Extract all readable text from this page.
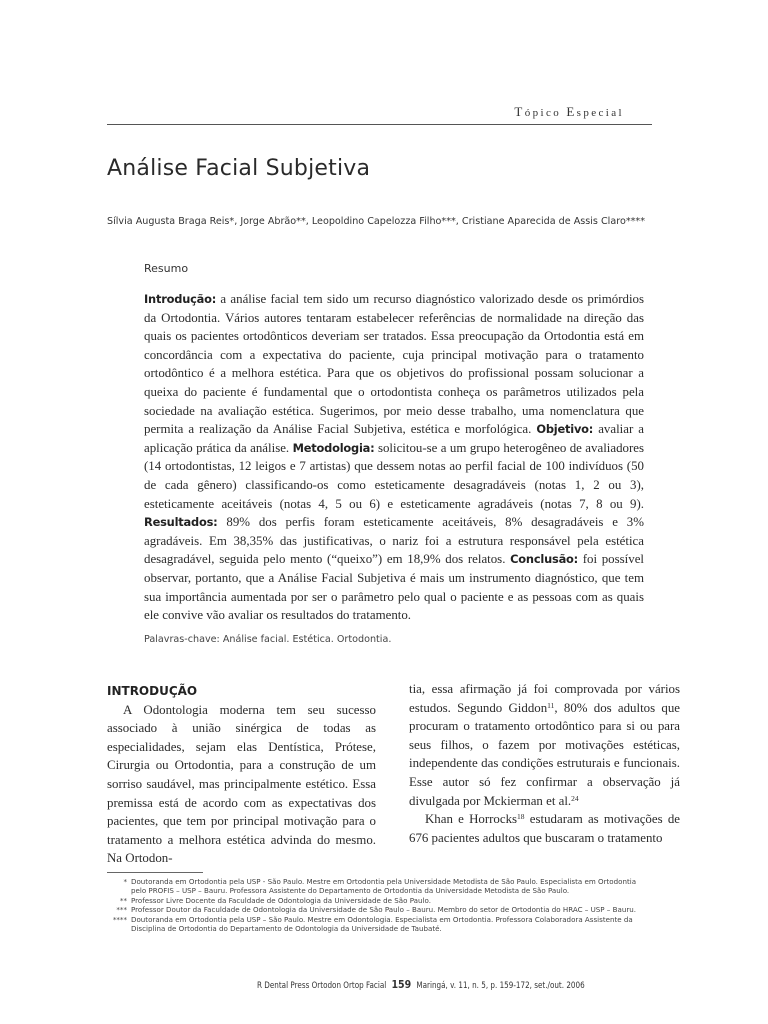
Tópico Especial
Análise Facial Subjetiva
Sílvia Augusta Braga Reis*, Jorge Abrão**, Leopoldino Capelozza Filho***, Cristiane Aparecida de Assis Claro****
Resumo

Introdução: a análise facial tem sido um recurso diagnóstico valorizado desde os primórdios da Ortodontia. Vários autores tentaram estabelecer referências de normalidade na direção das quais os pacientes ortodônticos deveriam ser tratados. Essa preocupação da Ortodontia está em concordância com a expectativa do paciente, cuja principal motivação para o tratamento ortodôntico é a melhora estética. Para que os objetivos do profissional possam solucionar a queixa do paciente é fundamental que o ortodontista conheça os parâmetros utilizados pela sociedade na avaliação estética. Sugerimos, por meio desse trabalho, uma nomenclatura que permita a realização da Análise Facial Subjetiva, estética e morfológica. Objetivo: avaliar a aplicação prática da análise. Metodologia: solicitou-se a um grupo heterogêneo de avaliadores (14 ortodontistas, 12 leigos e 7 artistas) que dessem notas ao perfil facial de 100 indivíduos (50 de cada gênero) classificando-os como esteticamente desagradáveis (notas 1, 2 ou 3), esteticamente aceitáveis (notas 4, 5 ou 6) e esteticamente agradáveis (notas 7, 8 ou 9). Resultados: 89% dos perfis foram esteticamente aceitáveis, 8% desagradáveis e 3% agradáveis. Em 38,35% das justificativas, o nariz foi a estrutura responsável pela estética desagradável, seguida pelo mento (“queixo”) em 18,9% dos relatos. Conclusão: foi possível observar, portanto, que a Análise Facial Subjetiva é mais um instrumento diagnóstico, que tem sua importância aumentada por ser o parâmetro pelo qual o paciente e as pessoas com as quais ele convive vão avaliar os resultados do tratamento.

Palavras-chave: Análise facial. Estética. Ortodontia.
INTRODUÇÃO
A Odontologia moderna tem seu sucesso associado à união sinérgica de todas as especialidades, sejam elas Dentística, Prótese, Cirurgia ou Ortodontia, para a construção de um sorriso saudável, mas principalmente estético. Essa premissa está de acordo com as expectativas dos pacientes, que tem por principal motivação para o tratamento a melhora estética advinda do mesmo. Na Ortodon-
tia, essa afirmação já foi comprovada por vários estudos. Segundo Giddon$^{11}$, 80% dos adultos que procuram o tratamento ortodôntico para si ou para seus filhos, o fazem por motivações estéticas, independente das condições estruturais e funcionais. Esse autor só fez confirmar a observação já divulgada por Mckierman et al.$^{24}$
Khan e Horrocks$^{18}$ estudaram as motivações de 676 pacientes adultos que buscaram o tratamento
* Doutoranda em Ortodontia pela USP - São Paulo. Mestre em Ortodontia pela Universidade Metodista de São Paulo. Especialista em Ortodontia pelo PROFIS – USP – Bauru. Professora Assistente do Departamento de Ortodontia da Universidade Metodista de São Paulo.
** Professor Livre Docente da Faculdade de Odontologia da Universidade de São Paulo.
*** Professor Doutor da Faculdade de Odontologia da Universidade de São Paulo – Bauru. Membro do setor de Ortodontia do HRAC – USP – Bauru.
**** Doutoranda em Ortodontia pela USP – São Paulo. Mestre em Odontologia. Especialista em Ortodontia. Professora Colaboradora Assistente da Disciplina de Ortodontia do Departamento de Odontologia da Universidade de Taubaté.
R Dental Press Ortodon Ortop Facial 159 Maringá, v. 11, n. 5, p. 159-172, set./out. 2006
